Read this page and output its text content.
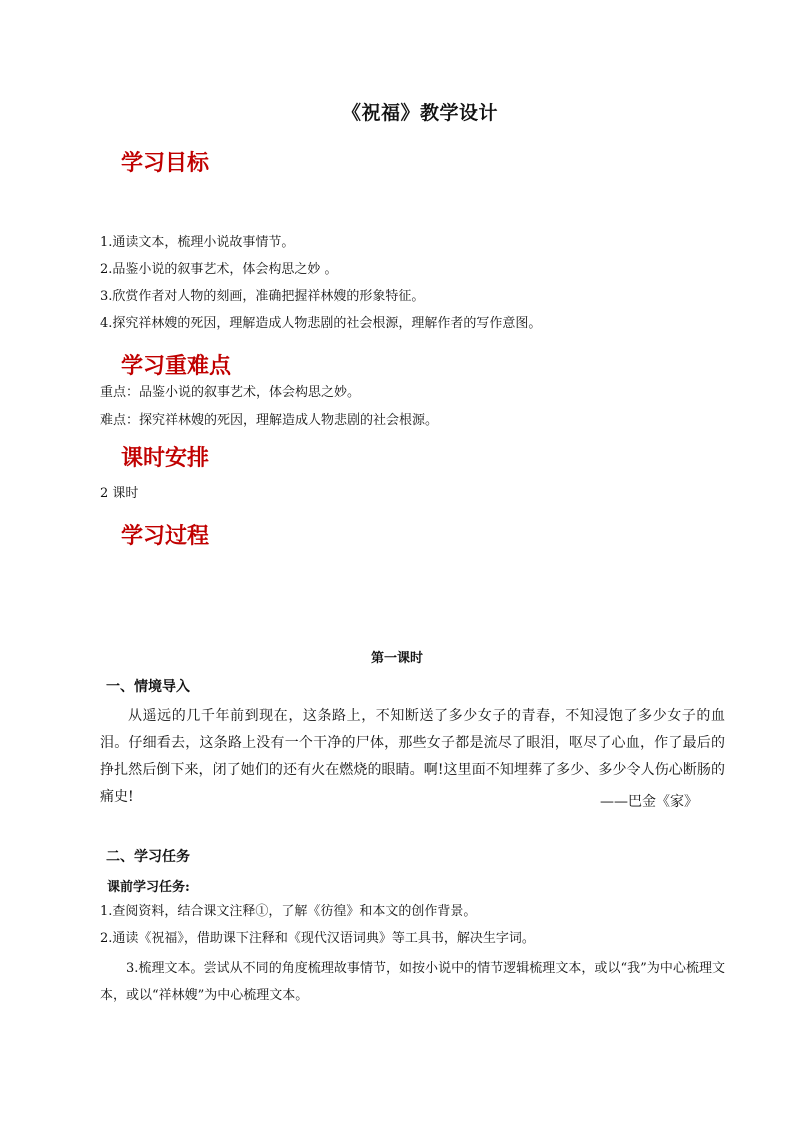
《祝福》教学设计
学习目标
1.通读文本，梳理小说故事情节。
2.品鉴小说的叙事艺术，体会构思之妙 。
3.欣赏作者对人物的刻画，准确把握祥林嫂的形象特征。
4.探究祥林嫂的死因，理解造成人物悲剧的社会根源，理解作者的写作意图。
学习重难点
重点：品鉴小说的叙事艺术，体会构思之妙。
难点：探究祥林嫂的死因，理解造成人物悲剧的社会根源。
课时安排
2 课时
学习过程
第一课时
一、情境导入
从遥远的几千年前到现在，这条路上，不知断送了多少女子的青春，不知浸饱了多少女子的血泪。仔细看去，这条路上没有一个干净的尸体，那些女子都是流尽了眼泪，呕尽了心血，作了最后的挣扎然后倒下来，闭了她们的还有火在燃烧的眼睛。啊!这里面不知埋葬了多少、多少令人伤心断肠的痛史!	——巴金《家》
二、学习任务
课前学习任务:
1.查阅资料，结合课文注释①，了解《彷徨》和本文的创作背景。
2.通读《祝福》，借助课下注释和《现代汉语词典》等工具书，解决生字词。
3.梳理文本。尝试从不同的角度梳理故事情节，如按小说中的情节逻辑梳理文本，或以“我”为中心梳理文本，或以“祥林嫂”为中心梳理文本。
